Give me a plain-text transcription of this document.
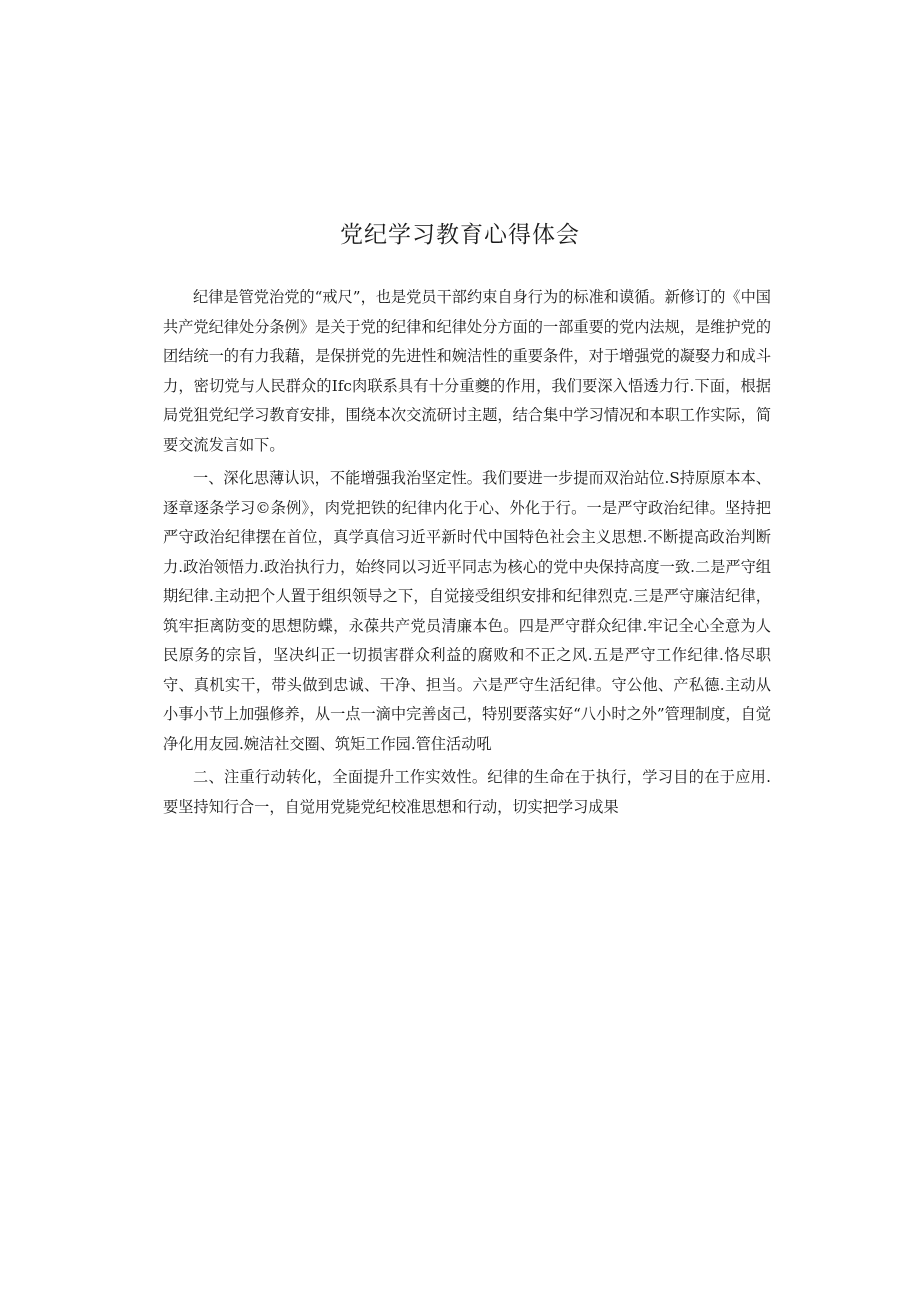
党纪学习教育心得体会

纪律是管党治党的“戒尺”，也是党员干部约束自身行为的标准和谟循。新修订的《中国共产党纪律处分条例》是关于党的纪律和纪律处分方面的一部重要的党内法规，是维护党的团结统一的有力我藉，是保拼党的先进性和婉洁性的重要条件，对于增强党的凝娶力和成斗力，密切党与人民群众的Ifc肉联系具有十分重夔的作用，我们要深入悟透力行.下面，根据局党狙党纪学习教育安排，围绕本次交流研讨主题，结合集中学习情况和本职工作实际，简要交流发言如下。

一、深化思薄认识，不能增强我治坚定性。我们要进一步提而双治站位.S持原原本本、逐章逐条学习©条例》，肉党把铁的纪律内化于心、外化于行。一是严守政治纪律。坚持把严守政治纪律摆在首位，真学真信习近平新时代中国特色社会主义思想.不断提高政治判断力.政治领悟力.政治执行力，始终同以习近平同志为核心的党中央保持高度一致.二是严守组期纪律.主动把个人置于组织领导之下，自觉接受组织安排和纪律烈克.三是严守廉洁纪律，筑牢拒离防变的思想防蝶，永葆共产党员清廉本色。四是严守群众纪律.牢记全心全意为人民原务的宗旨，坚决纠正一切损害群众利益的腐败和不正之风.五是严守工作纪律.恪尽职守、真机实干，带头做到忠诚、干净、担当。六是严守生活纪律。守公他、产私德.主动从小事小节上加强修养，从一点一滴中完善卤己，特别要落实好“八小时之外”管理制度，自觉净化用友园.婉洁社交圈、筑矩工作园.管住活动吼

二、注重行动转化，全面提升工作实效性。纪律的生命在于执行，学习目的在于应用.要坚持知行合一，自觉用党毙党纪校准思想和行动，切实把学习成果
